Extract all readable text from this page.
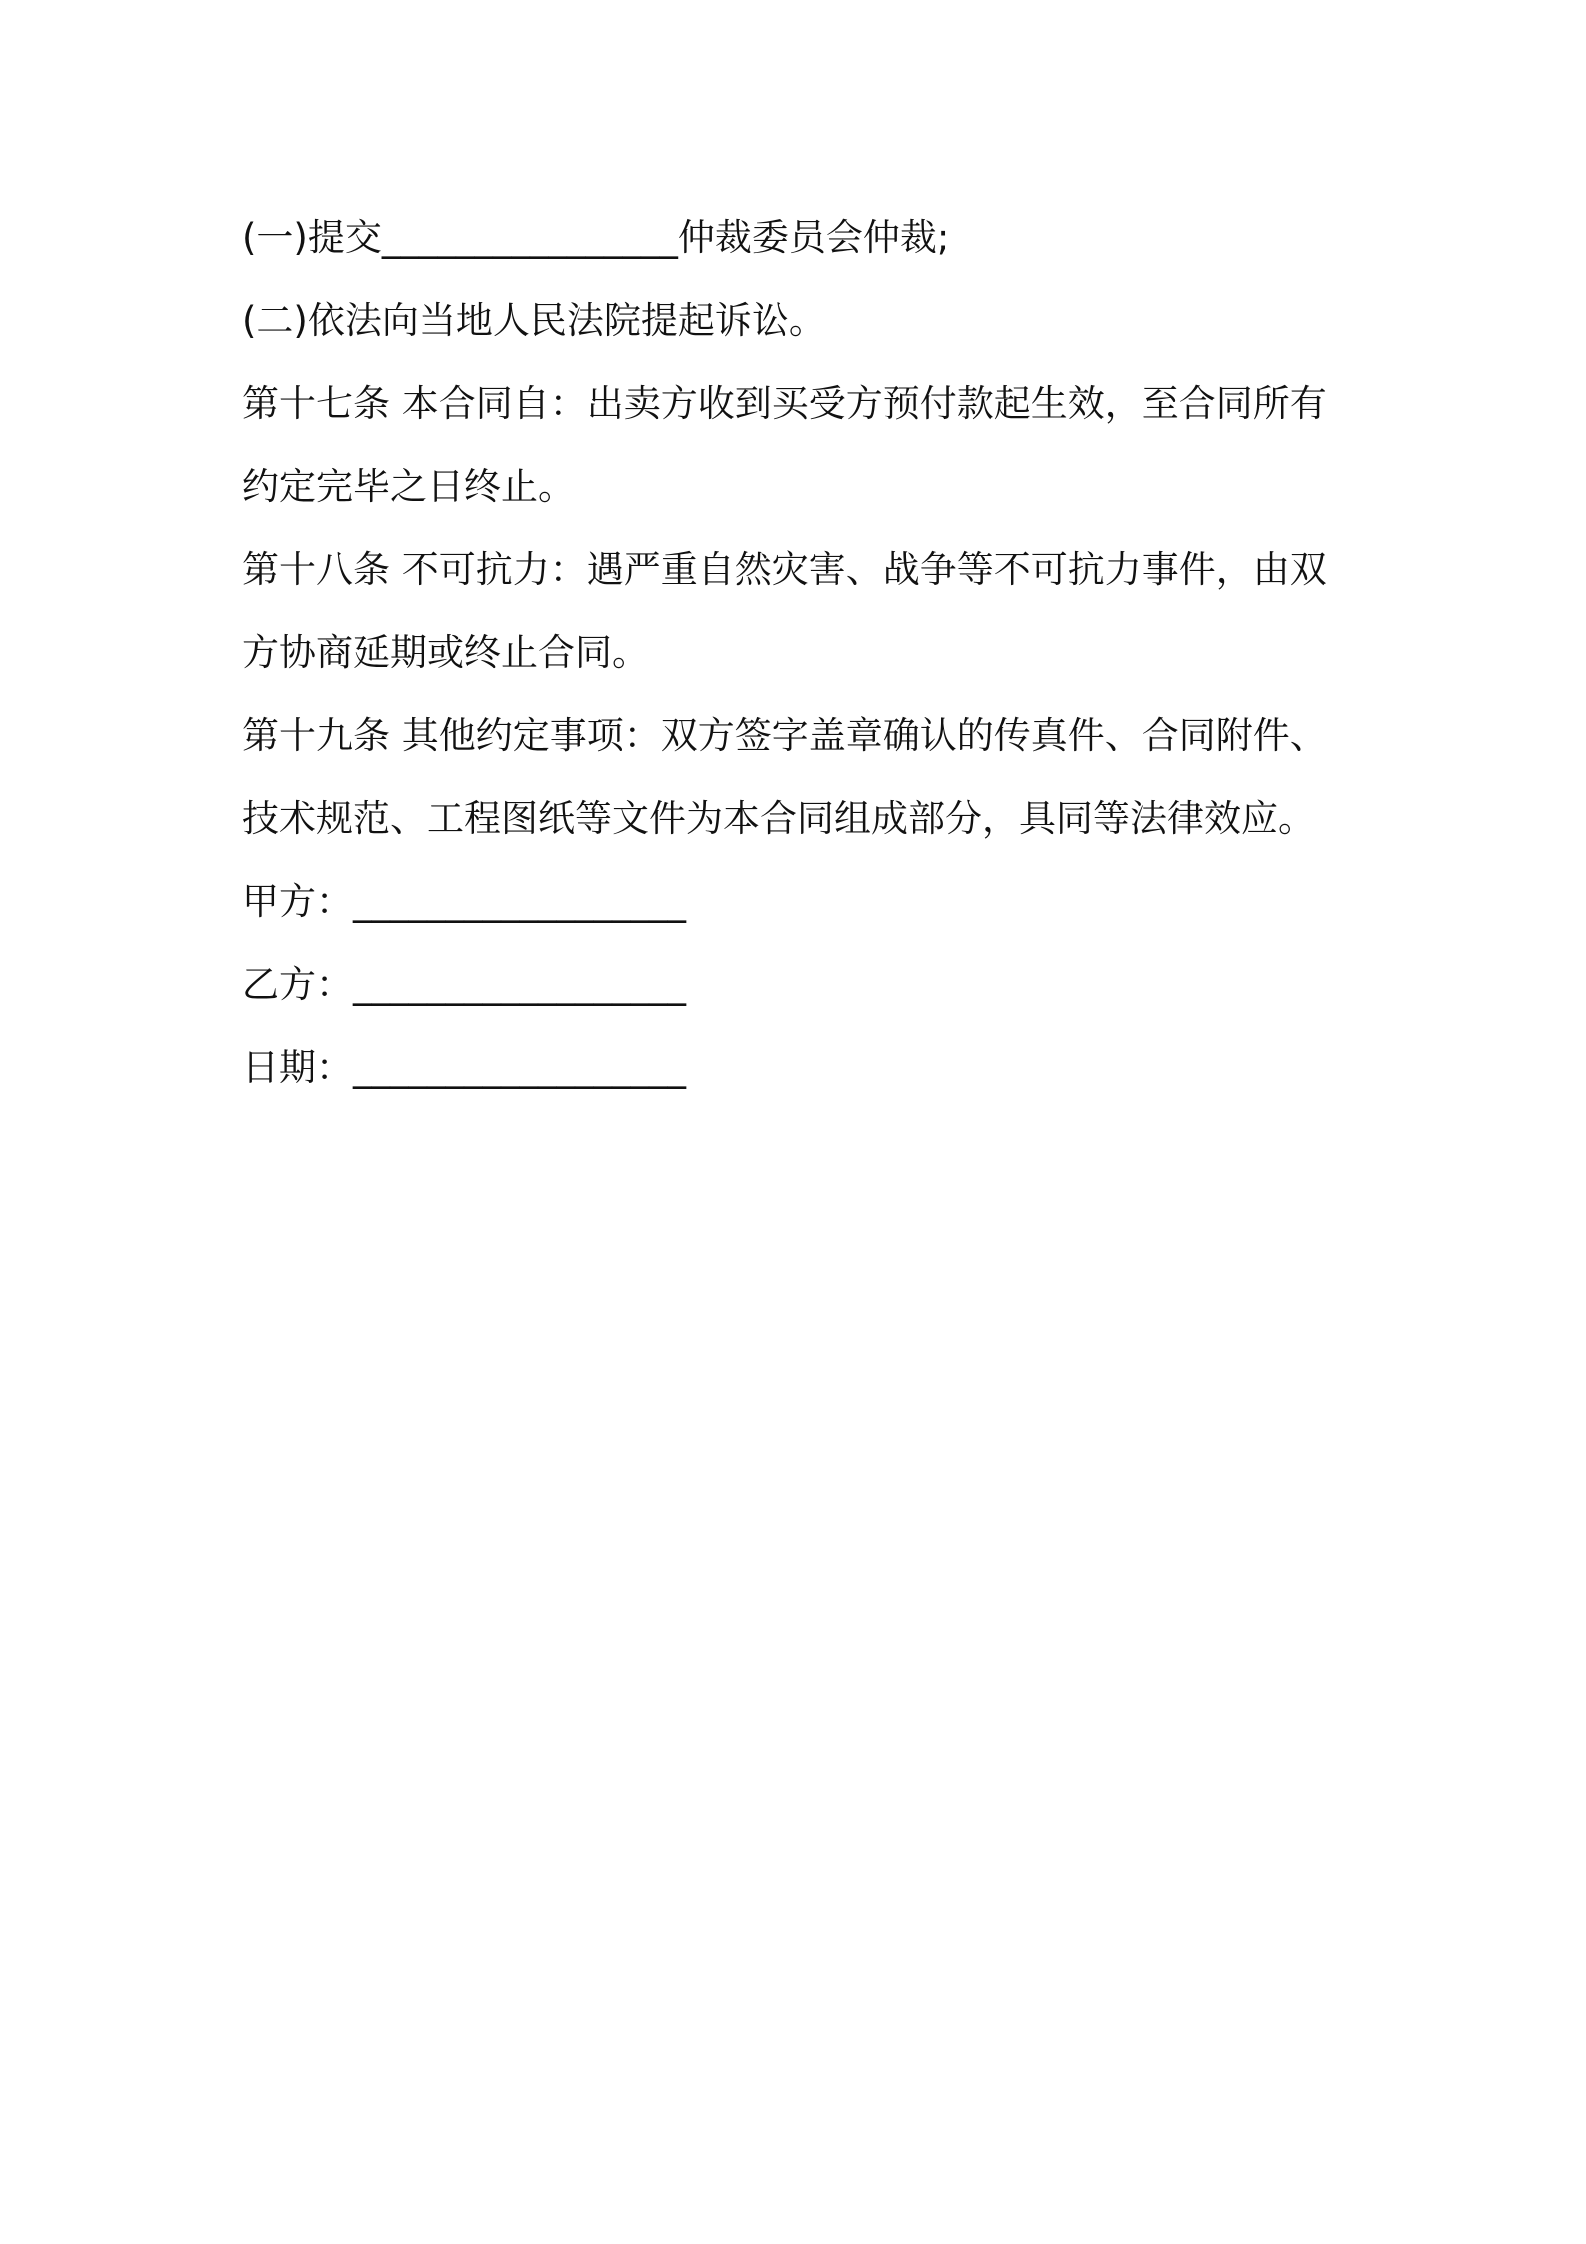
(一)提交________________仲裁委员会仲裁;
(二)依法向当地人民法院提起诉讼。
第十七条 本合同自：出卖方收到买受方预付款起生效，至合同所有
约定完毕之日终止。
第十八条 不可抗力：遇严重自然灾害、战争等不可抗力事件，由双
方协商延期或终止合同。
第十九条 其他约定事项：双方签字盖章确认的传真件、合同附件、
技术规范、工程图纸等文件为本合同组成部分，具同等法律效应。
甲方：__________________
乙方：__________________
日期：__________________
